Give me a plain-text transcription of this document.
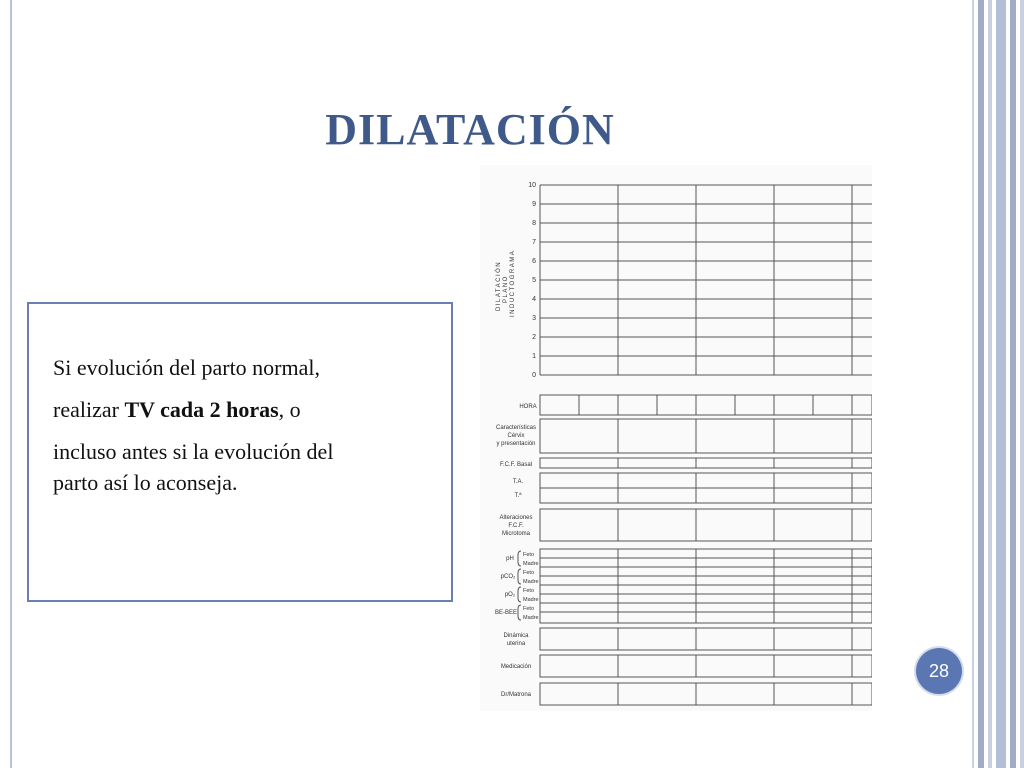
DILATACIÓN

Si evolución del parto normal,

realizar TV cada 2 horas, o

incluso antes si la evolución del

parto así lo aconseja.

10
9
8
7
6
5
4
3
2
1
0
DILATACIÓN PLANO INDUCTOGRAMA
HORA
Características
Cérvix
y presentación
F.C.F. Basal
T.A.
T.ª
Alteraciones
F.C.F.
Microtoma
pH
pCO₂
pO₂
BE-BEE
Dinámica
uterina
Medicación
Dr/Matrona
Feto
Madre
Feto
Madre
Feto
Madre
Feto
Madre
28
